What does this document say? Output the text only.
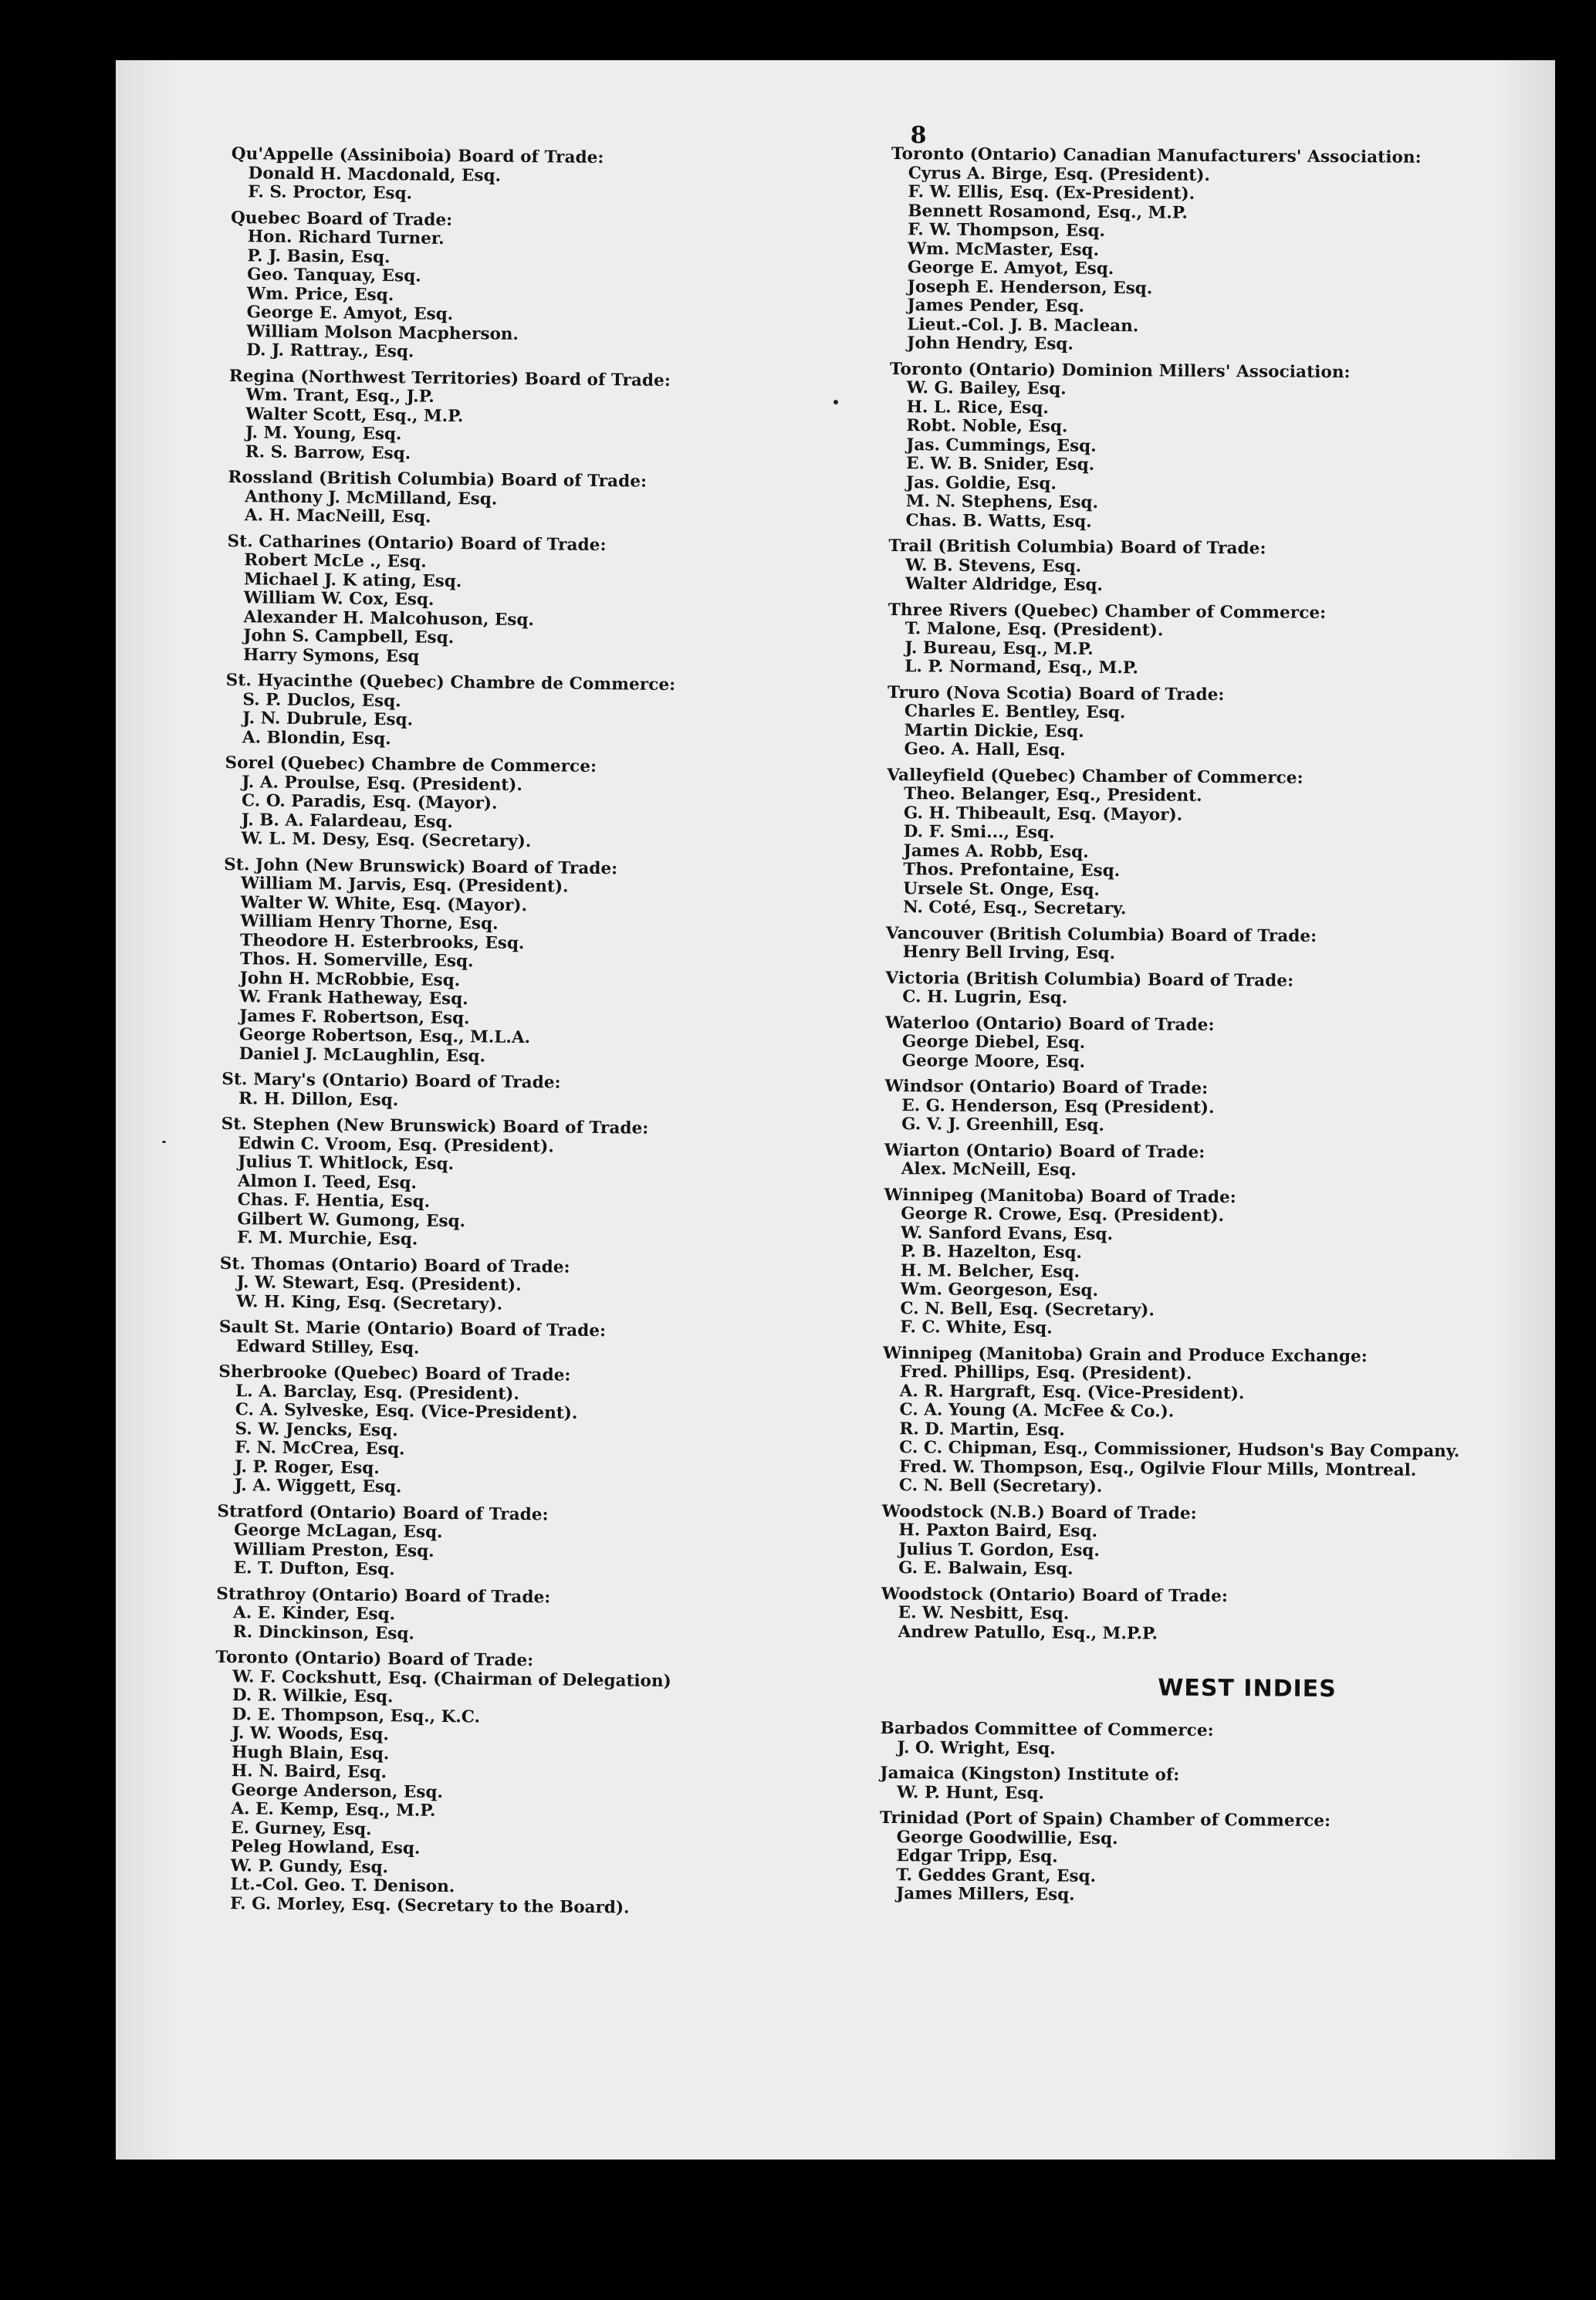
8
Qu'Appelle (Assiniboia) Board of Trade:
Donald H. Macdonald, Esq.
F. S. Proctor, Esq.
Quebec Board of Trade:
Hon. Richard Turner.
P. J. Basin, Esq.
Geo. Tanquay, Esq.
Wm. Price, Esq.
George E. Amyot, Esq.
William Molson Macpherson.
D. J. Rattray., Esq.
Regina (Northwest Territories) Board of Trade:
Wm. Trant, Esq., J.P.
Walter Scott, Esq., M.P.
J. M. Young, Esq.
R. S. Barrow, Esq.
Rossland (British Columbia) Board of Trade:
Anthony J. McMilland, Esq.
A. H. MacNeill, Esq.
St. Catharines (Ontario) Board of Trade:
Robert McLe ., Esq.
Michael J. K ating, Esq.
William W. Cox, Esq.
Alexander H. Malcohuson, Esq.
John S. Campbell, Esq.
Harry Symons, Esq
St. Hyacinthe (Quebec) Chambre de Commerce:
S. P. Duclos, Esq.
J. N. Dubrule, Esq.
A. Blondin, Esq.
Sorel (Quebec) Chambre de Commerce:
J. A. Proulse, Esq. (President).
C. O. Paradis, Esq. (Mayor).
J. B. A. Falardeau, Esq.
W. L. M. Desy, Esq. (Secretary).
St. John (New Brunswick) Board of Trade:
William M. Jarvis, Esq. (President).
Walter W. White, Esq. (Mayor).
William Henry Thorne, Esq.
Theodore H. Esterbrooks, Esq.
Thos. H. Somerville, Esq.
John H. McRobbie, Esq.
W. Frank Hatheway, Esq.
James F. Robertson, Esq.
George Robertson, Esq., M.L.A.
Daniel J. McLaughlin, Esq.
St. Mary's (Ontario) Board of Trade:
R. H. Dillon, Esq.
St. Stephen (New Brunswick) Board of Trade:
Edwin C. Vroom, Esq. (President).
Julius T. Whitlock, Esq.
Almon I. Teed, Esq.
Chas. F. Hentia, Esq.
Gilbert W. Gumong, Esq.
F. M. Murchie, Esq.
St. Thomas (Ontario) Board of Trade:
J. W. Stewart, Esq. (President).
W. H. King, Esq. (Secretary).
Sault St. Marie (Ontario) Board of Trade:
Edward Stilley, Esq.
Sherbrooke (Quebec) Board of Trade:
L. A. Barclay, Esq. (President).
C. A. Sylveske, Esq. (Vice-President).
S. W. Jencks, Esq.
F. N. McCrea, Esq.
J. P. Roger, Esq.
J. A. Wiggett, Esq.
Stratford (Ontario) Board of Trade:
George McLagan, Esq.
William Preston, Esq.
E. T. Dufton, Esq.
Strathroy (Ontario) Board of Trade:
A. E. Kinder, Esq.
R. Dinckinson, Esq.
Toronto (Ontario) Board of Trade:
W. F. Cockshutt, Esq. (Chairman of Delegation)
D. R. Wilkie, Esq.
D. E. Thompson, Esq., K.C.
J. W. Woods, Esq.
Hugh Blain, Esq.
H. N. Baird, Esq.
George Anderson, Esq.
A. E. Kemp, Esq., M.P.
E. Gurney, Esq.
Peleg Howland, Esq.
W. P. Gundy, Esq.
Lt.-Col. Geo. T. Denison.
F. G. Morley, Esq. (Secretary to the Board).
Toronto (Ontario) Canadian Manufacturers' Association:
Cyrus A. Birge, Esq. (President).
F. W. Ellis, Esq. (Ex-President).
Bennett Rosamond, Esq., M.P.
F. W. Thompson, Esq.
Wm. McMaster, Esq.
George E. Amyot, Esq.
Joseph E. Henderson, Esq.
James Pender, Esq.
Lieut.-Col. J. B. Maclean.
John Hendry, Esq.
Toronto (Ontario) Dominion Millers' Association:
W. G. Bailey, Esq.
H. L. Rice, Esq.
Robt. Noble, Esq.
Jas. Cummings, Esq.
E. W. B. Snider, Esq.
Jas. Goldie, Esq.
M. N. Stephens, Esq.
Chas. B. Watts, Esq.
Trail (British Columbia) Board of Trade:
W. B. Stevens, Esq.
Walter Aldridge, Esq.
Three Rivers (Quebec) Chamber of Commerce:
T. Malone, Esq. (President).
J. Bureau, Esq., M.P.
L. P. Normand, Esq., M.P.
Truro (Nova Scotia) Board of Trade:
Charles E. Bentley, Esq.
Martin Dickie, Esq.
Geo. A. Hall, Esq.
Valleyfield (Quebec) Chamber of Commerce:
Theo. Belanger, Esq., President.
G. H. Thibeault, Esq. (Mayor).
D. F. Smi..., Esq.
James A. Robb, Esq.
Thos. Prefontaine, Esq.
Ursele St. Onge, Esq.
N. Coté, Esq., Secretary.
Vancouver (British Columbia) Board of Trade:
Henry Bell Irving, Esq.
Victoria (British Columbia) Board of Trade:
C. H. Lugrin, Esq.
Waterloo (Ontario) Board of Trade:
George Diebel, Esq.
George Moore, Esq.
Windsor (Ontario) Board of Trade:
E. G. Henderson, Esq (President).
G. V. J. Greenhill, Esq.
Wiarton (Ontario) Board of Trade:
Alex. McNeill, Esq.
Winnipeg (Manitoba) Board of Trade:
George R. Crowe, Esq. (President).
W. Sanford Evans, Esq.
P. B. Hazelton, Esq.
H. M. Belcher, Esq.
Wm. Georgeson, Esq.
C. N. Bell, Esq. (Secretary).
F. C. White, Esq.
Winnipeg (Manitoba) Grain and Produce Exchange:
Fred. Phillips, Esq. (President).
A. R. Hargraft, Esq. (Vice-President).
C. A. Young (A. McFee & Co.).
R. D. Martin, Esq.
C. C. Chipman, Esq., Commissioner, Hudson's Bay Company.
Fred. W. Thompson, Esq., Ogilvie Flour Mills, Montreal.
C. N. Bell (Secretary).
Woodstock (N.B.) Board of Trade:
H. Paxton Baird, Esq.
Julius T. Gordon, Esq.
G. E. Balwain, Esq.
Woodstock (Ontario) Board of Trade:
E. W. Nesbitt, Esq.
Andrew Patullo, Esq., M.P.P.
WEST INDIES
Barbados Committee of Commerce:
J. O. Wright, Esq.
Jamaica (Kingston) Institute of:
W. P. Hunt, Esq.
Trinidad (Port of Spain) Chamber of Commerce:
George Goodwillie, Esq.
Edgar Tripp, Esq.
T. Geddes Grant, Esq.
James Millers, Esq.
